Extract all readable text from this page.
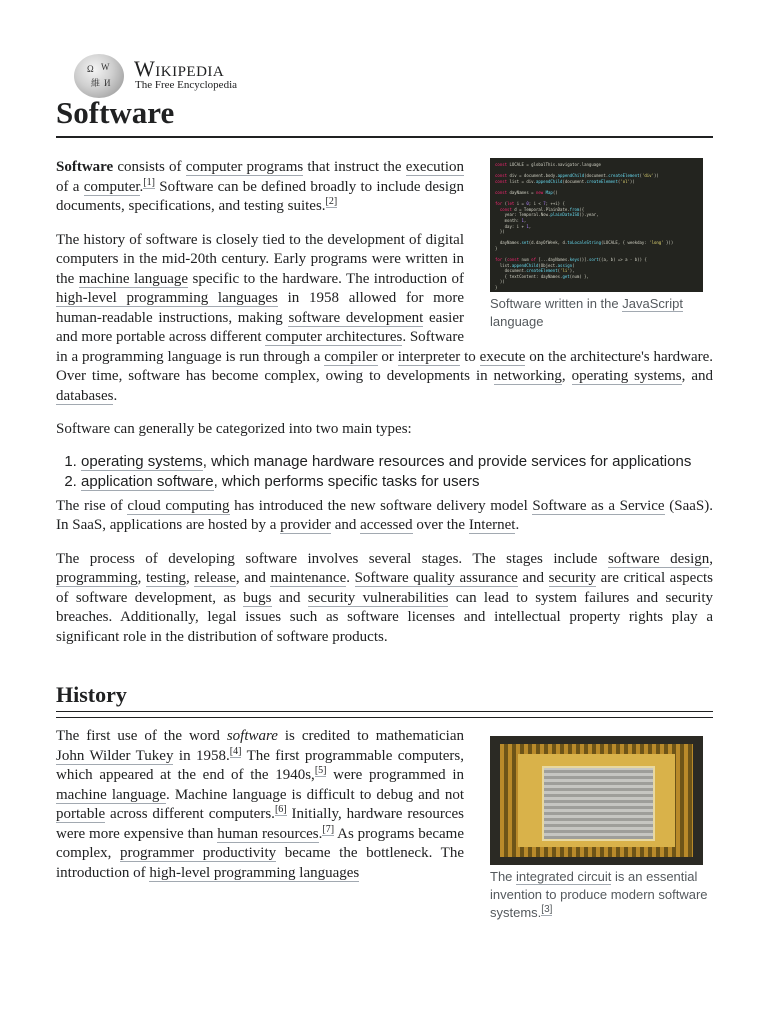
Ω W
維 И
Wikipedia
The Free Encyclopedia
Software
const LOCALE = globalThis.navigator.language

const div = document.body.appendChild(document.createElement('div'))
const list = div.appendChild(document.createElement('ol'))

const dayNames = new Map()

for (let i = 0; i < 7; ++i) {
const d = Temporal.PlainDate.from({
year: Temporal.Now.plainDateISO().year,
month: 1,
day: i + 1,
})

dayNames.set(d.dayOfWeek, d.toLocaleString(LOCALE, { weekday: 'long' }))
}

for (const num of [...dayNames.keys()].sort((a, b) => a - b)) {
list.appendChild(Object.assign(
document.createElement('li'),
{ textContent: dayNames.get(num) },
))
}
Software written in the JavaScript language

Software consists of computer programs that instruct the execution of a computer.[1] Software can be defined broadly to include design documents, specifications, and testing suites.[2]

The history of software is closely tied to the development of digital computers in the mid-20th century. Early programs were written in the machine language specific to the hardware. The introduction of high-level programming languages in 1958 allowed for more human-readable instructions, making software development easier and more portable across different computer architectures. Software in a programming language is run through a compiler or interpreter to execute on the architecture's hardware. Over time, software has become complex, owing to developments in networking, operating systems, and databases.

Software can generally be categorized into two main types:

1. operating systems, which manage hardware resources and provide services for applications
2. application software, which performs specific tasks for users

The rise of cloud computing has introduced the new software delivery model Software as a Service (SaaS). In SaaS, applications are hosted by a provider and accessed over the Internet.

The process of developing software involves several stages. The stages include software design, programming, testing, release, and maintenance. Software quality assurance and security are critical aspects of software development, as bugs and security vulnerabilities can lead to system failures and security breaches. Additionally, legal issues such as software licenses and intellectual property rights play a significant role in the distribution of software products.

History
The integrated circuit is an essential invention to produce modern software systems.[3]

The first use of the word software is credited to mathematician John Wilder Tukey in 1958.[4] The first programmable computers, which appeared at the end of the 1940s,[5] were programmed in machine language. Machine language is difficult to debug and not portable across different computers.[6] Initially, hardware resources were more expensive than human resources.[7] As programs became complex, programmer productivity became the bottleneck. The introduction of high-level programming languages
